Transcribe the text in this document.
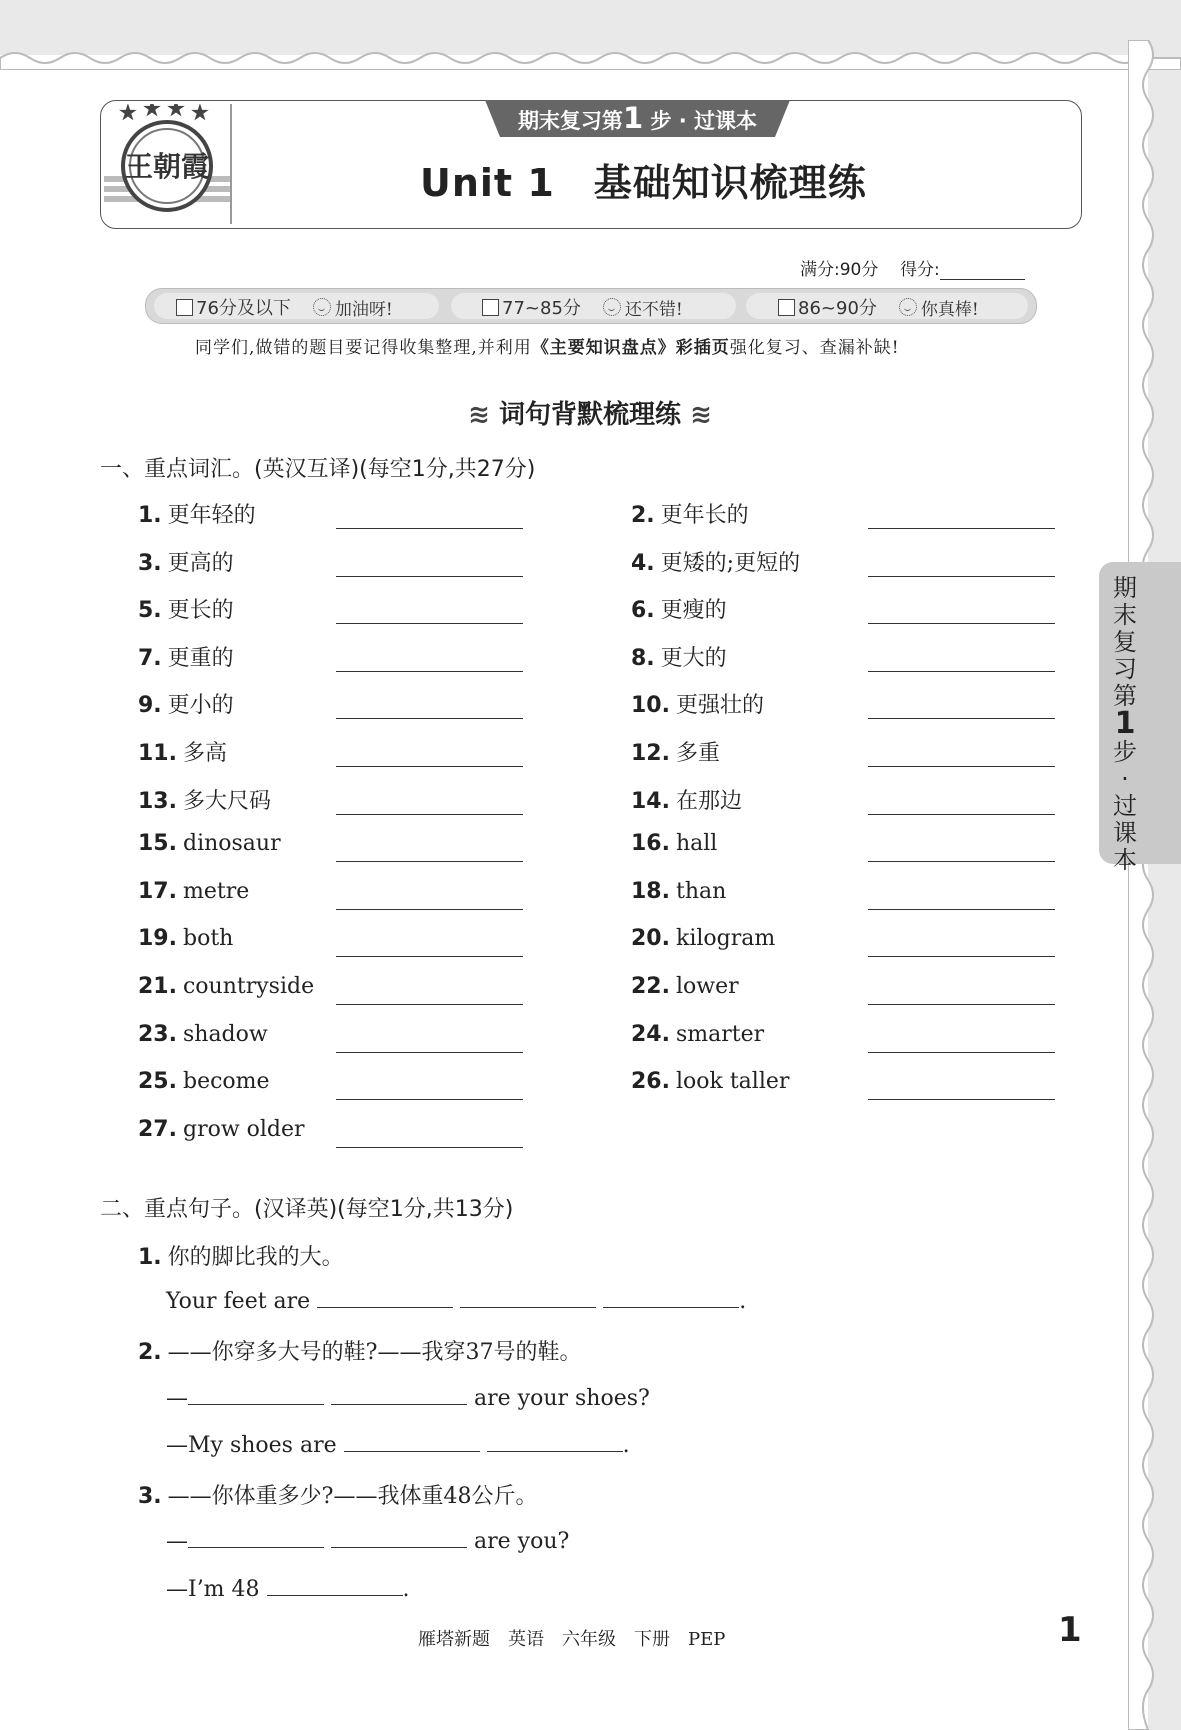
王朝霞
期末复习第1 步 · 过课本
Unit 1　基础知识梳理练
满分:90分 得分:
76分及以下	加油呀!	77~85分	还不错!	86~90分	你真棒!
同学们,做错的题目要记得收集整理,并利用《主要知识盘点》彩插页强化复习、查漏补缺!
≋ 词句背默梳理练 ≋
一、重点词汇。(英汉互译)(每空1分,共27分)
1. 更年轻的	2. 更年长的
3. 更高的	4. 更矮的;更短的
5. 更长的	6. 更瘦的
7. 更重的	8. 更大的
9. 更小的	10. 更强壮的
11. 多高	12. 多重
13. 多大尺码	14. 在那边
15. dinosaur	16. hall
17. metre	18. than
19. both	20. kilogram
21. countryside	22. lower
23. shadow	24. smarter
25. become	26. look taller
27. grow older
二、重点句子。(汉译英)(每空1分,共13分)
1. 你的脚比我的大。
Your feet are	.
2. ——你穿多大号的鞋?——我穿37号的鞋。
—	are your shoes?
—My shoes are	.
3. ——你体重多少?——我体重48公斤。
—	are you?
—I’m 48	.
期末复习第
1
步·过课本
雁塔新题　英语　六年级　下册　PEP	1
